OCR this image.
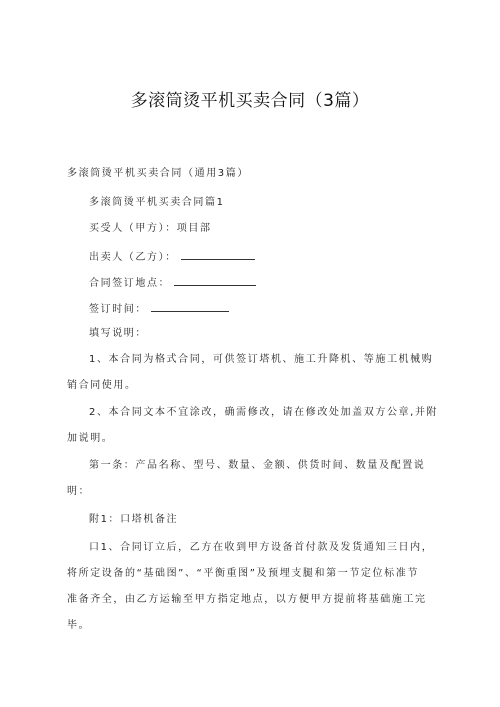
多滚筒烫平机买卖合同（3篇）
多滚筒烫平机买卖合同（通用3篇）
多滚筒烫平机买卖合同篇1
买受人（甲方）：项目部
出卖人（乙方）：
合同签订地点：
签订时间：
填写说明：
1、本合同为格式合同，可供签订塔机、施工升降机、等施工机械购
销合同使用。
2、本合同文本不宜涂改，确需修改，请在修改处加盖双方公章,并附
加说明。
第一条：产品名称、型号、数量、金额、供货时间、数量及配置说
明：
附1：口塔机备注
口1、合同订立后，乙方在收到甲方设备首付款及发货通知三日内，
将所定设备的“基础图”、“平衡重图”及预埋支腿和第一节定位标准节
准备齐全，由乙方运输至甲方指定地点，以方便甲方提前将基础施工完
毕。
